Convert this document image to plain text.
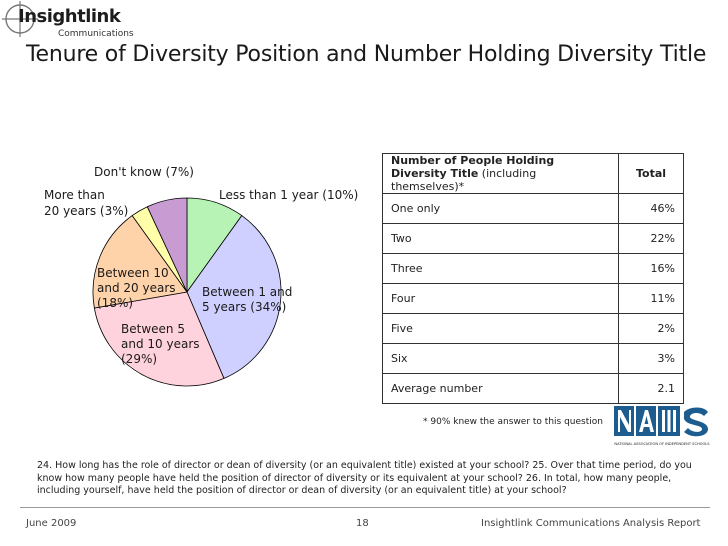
Insightlink
Communications
Tenure of Diversity Position and Number Holding Diversity Title
Don't know (7%)
More than
20 years (3%)
Less than 1 year (10%)
Between 10
and 20 years
(18%)
Between 1 and
5 years (34%)
Between 5
and 10 years
(29%)
Number of People Holding Diversity Title (including themselves)*	Total
One only	46%
Two	22%
Three	16%
Four	11%
Five	2%
Six	3%
Average number	2.1
* 90% knew the answer to this question
NATIONAL ASSOCIATION OF INDEPENDENT SCHOOLS
24. How long has the role of director or dean of diversity (or an equivalent title) existed at your school? 25. Over that time period, do you know how many people have held the position of director of diversity or its equivalent at your school? 26. In total, how many people, including yourself, have held the position of director or dean of diversity (or an equivalent title) at your school?
June 2009	18	Insightlink Communications Analysis Report
